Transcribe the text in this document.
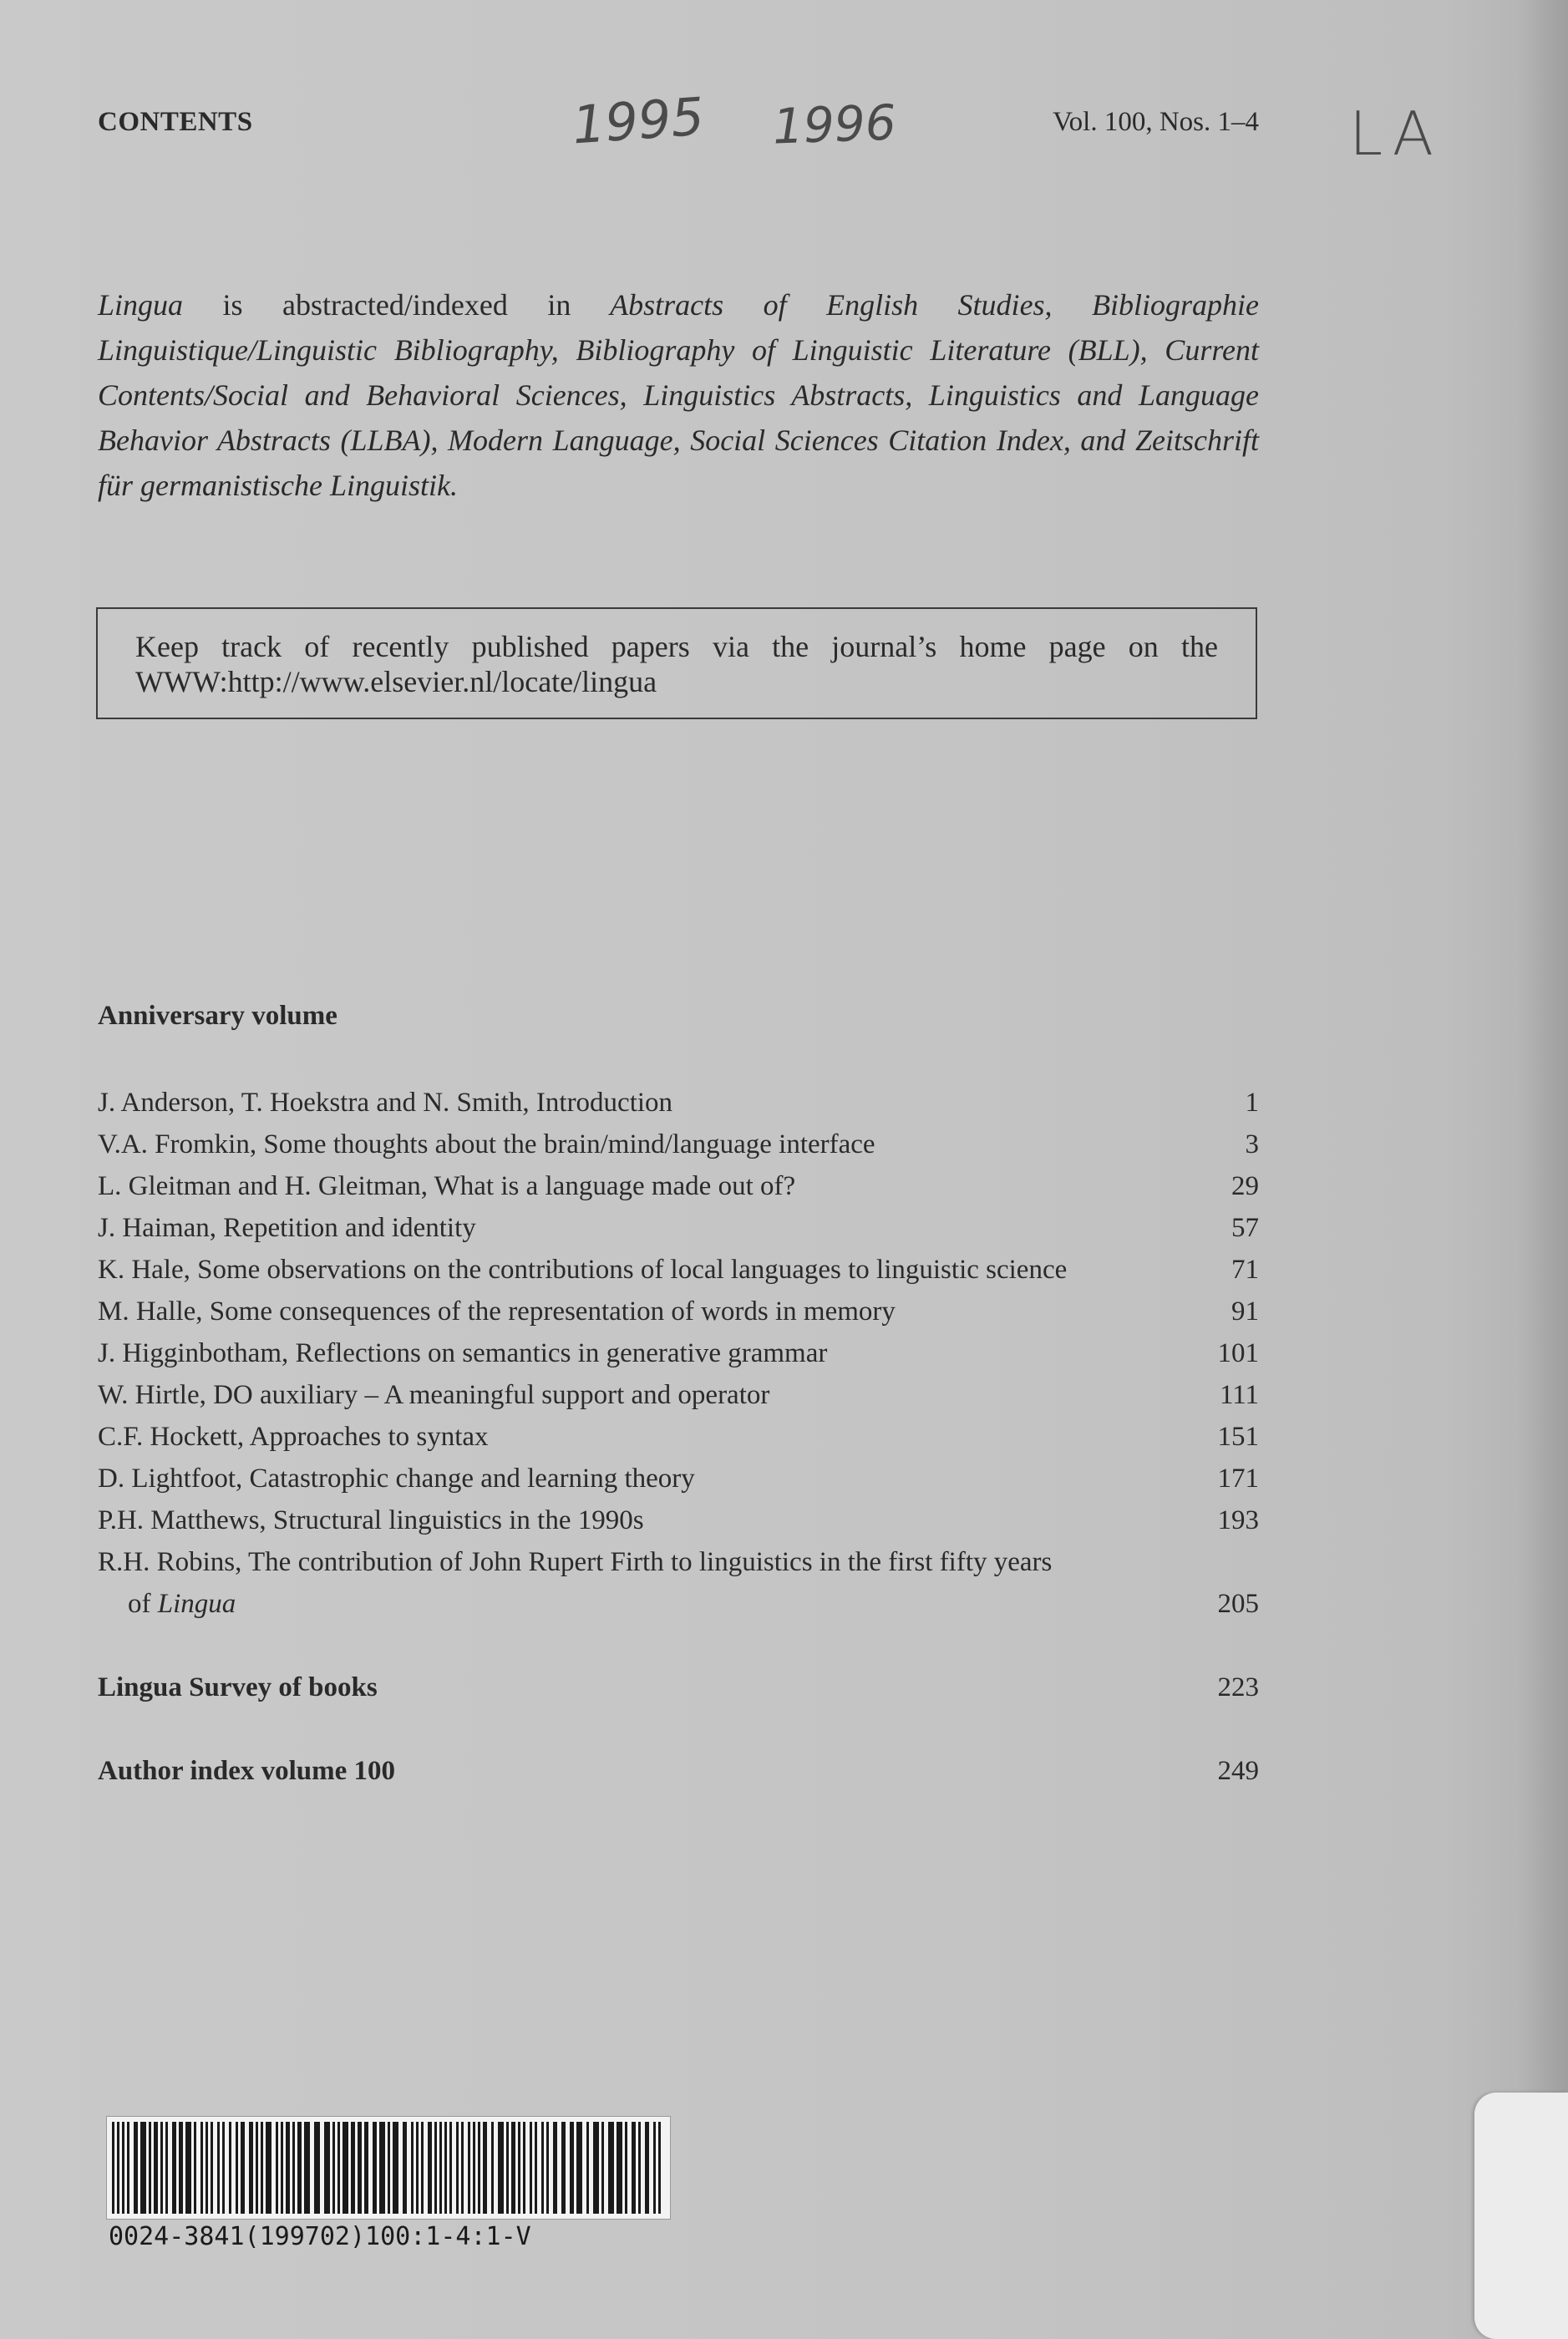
CONTENTS	Vol. 100, Nos. 1–4
1995 1996	LA
Lingua is abstracted/indexed in Abstracts of English Studies, Bibliographie Linguistique/Linguistic Bibliography, Bibliography of Linguistic Literature (BLL), Current Contents/Social and Behavioral Sciences, Linguistics Abstracts, Linguistics and Language Behavior Abstracts (LLBA), Modern Language, Social Sciences Citation Index, and Zeitschrift für germanistische Linguistik.
Keep track of recently published papers via the journal’s home page on the WWW:http://www.elsevier.nl/locate/lingua
Anniversary volume
J. Anderson, T. Hoekstra and N. Smith, Introduction	1
V.A. Fromkin, Some thoughts about the brain/mind/language interface	3
L. Gleitman and H. Gleitman, What is a language made out of?	29
J. Haiman, Repetition and identity	57
K. Hale, Some observations on the contributions of local languages to linguistic science	71
M. Halle, Some consequences of the representation of words in memory	91
J. Higginbotham, Reflections on semantics in generative grammar	101
W. Hirtle, DO auxiliary – A meaningful support and operator	111
C.F. Hockett, Approaches to syntax	151
D. Lightfoot, Catastrophic change and learning theory	171
P.H. Matthews, Structural linguistics in the 1990s	193
R.H. Robins, The contribution of John Rupert Firth to linguistics in the first fifty years
of Lingua	205
Lingua Survey of books	223
Author index volume 100	249
0024-3841(199702)100:1-4:1-V
